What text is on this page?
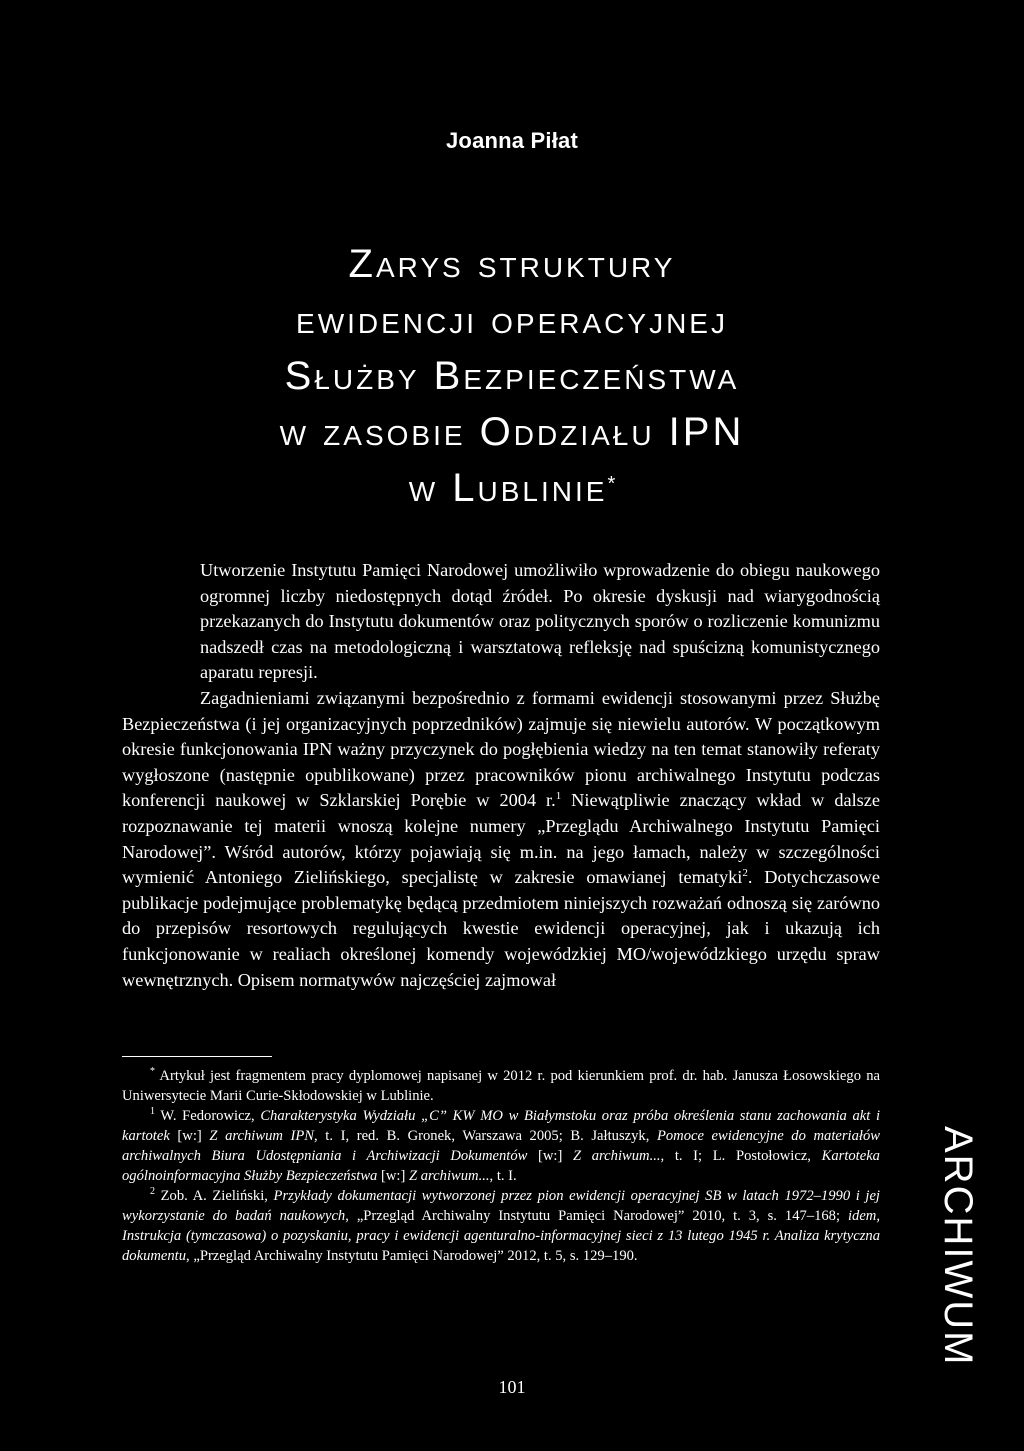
Joanna Piłat
Zarys struktury
ewidencji operacyjnej
Służby Bezpieczeństwa
w zasobie Oddziału IPN
w Lublinie*

Utworzenie Instytutu Pamięci Narodowej umożliwiło wprowadzenie do obiegu naukowego ogromnej liczby niedostępnych dotąd źródeł. Po okresie dyskusji nad wiarygodnością przekazanych do Instytutu dokumentów oraz politycznych sporów o rozliczenie komunizmu nadszedł czas na metodologiczną i warsztatową refleksję nad spuścizną komunistycznego aparatu represji.

Zagadnieniami związanymi bezpośrednio z formami ewidencji stosowanymi przez Służbę Bezpieczeństwa (i jej organizacyjnych poprzedników) zajmuje się niewielu autorów. W początkowym okresie funkcjonowania IPN ważny przyczynek do pogłębienia wiedzy na ten temat stanowiły referaty wygłoszone (następnie opublikowane) przez pracowników pionu archiwalnego Instytutu podczas konferencji naukowej w Szklarskiej Porębie w 2004 r.$^1$ Niewątpliwie znaczący wkład w dalsze rozpoznawanie tej materii wnoszą kolejne numery „Przeglądu Archiwalnego Instytutu Pamięci Narodowej”. Wśród autorów, którzy pojawiają się m.in. na jego łamach, należy w szczególności wymienić Antoniego Zielińskiego, specjalistę w zakresie omawianej tematyki$^2$. Dotychczasowe publikacje podejmujące problematykę będącą przedmiotem niniejszych rozważań odnoszą się zarówno do przepisów resortowych regulujących kwestie ewidencji operacyjnej, jak i ukazują ich funkcjonowanie w realiach określonej komendy wojewódzkiej MO/wojewódzkiego urzędu spraw wewnętrznych. Opisem normatywów najczęściej zajmował

* Artykuł jest fragmentem pracy dyplomowej napisanej w 2012 r. pod kierunkiem prof. dr. hab. Janusza Łosowskiego na Uniwersytecie Marii Curie-Skłodowskiej w Lublinie.

$^1$ W. Fedorowicz, Charakterystyka Wydziału „C” KW MO w Białymstoku oraz próba określenia stanu zachowania akt i kartotek [w:] Z archiwum IPN, t. I, red. B. Gronek, Warszawa 2005; B. Jałtuszyk, Pomoce ewidencyjne do materiałów archiwalnych Biura Udostępniania i Archiwizacji Dokumentów [w:] Z archiwum..., t. I; L. Postołowicz, Kartoteka ogólnoinformacyjna Służby Bezpieczeństwa [w:] Z archiwum..., t. I.

$^2$ Zob. A. Zieliński, Przykłady dokumentacji wytworzonej przez pion ewidencji operacyjnej SB w latach 1972–1990 i jej wykorzystanie do badań naukowych, „Przegląd Archiwalny Instytutu Pamięci Narodowej” 2010, t. 3, s. 147–168; idem, Instrukcja (tymczasowa) o pozyskaniu, pracy i ewidencji agenturalno-informacyjnej sieci z 13 lutego 1945 r. Analiza krytyczna dokumentu, „Przegląd Archiwalny Instytutu Pamięci Narodowej” 2012, t. 5, s. 129–190.	ARCHIWUM
101
